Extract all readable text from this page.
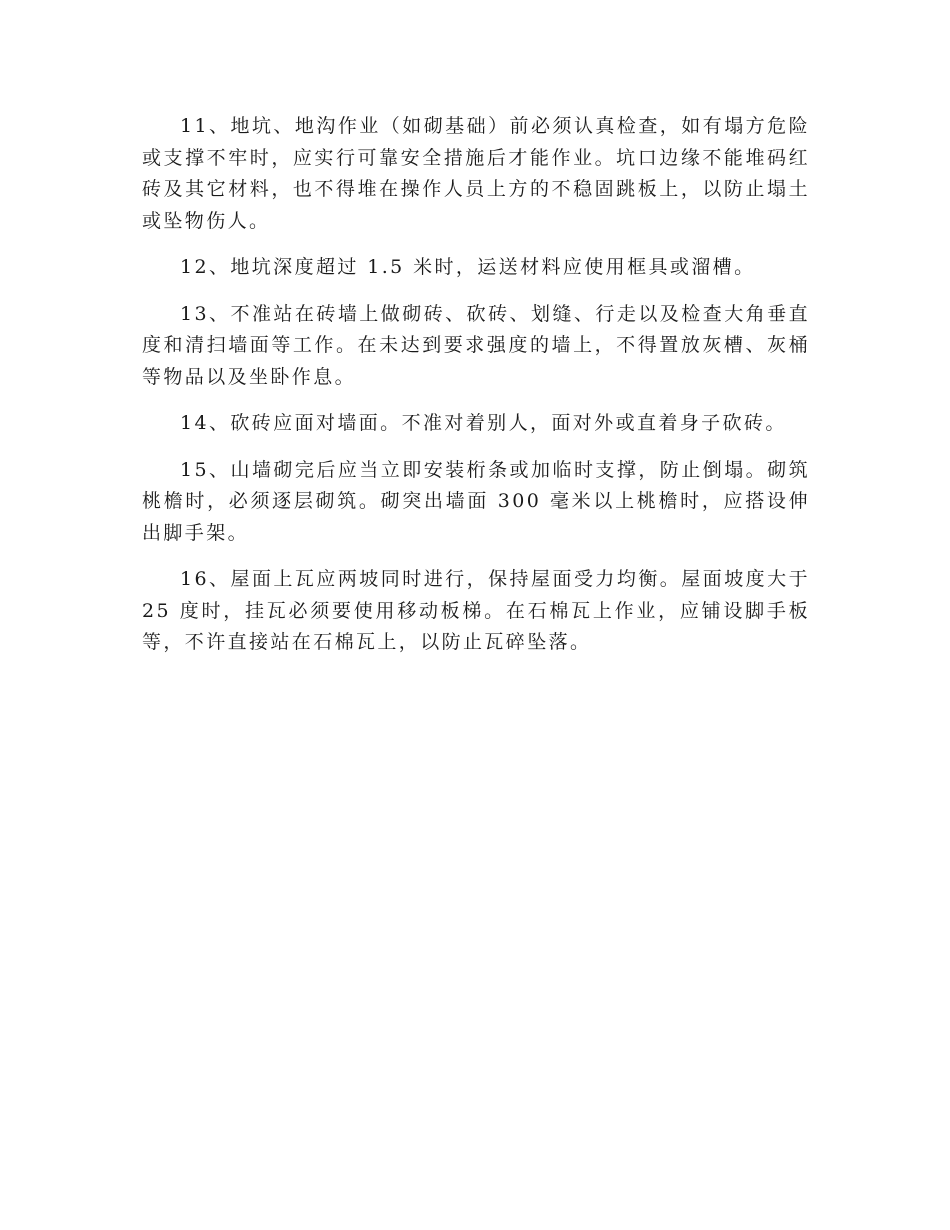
11、地坑、地沟作业（如砌基础）前必须认真检查，如有塌方危险或支撑不牢时，应实行可靠安全措施后才能作业。坑口边缘不能堆码红砖及其它材料，也不得堆在操作人员上方的不稳固跳板上，以防止塌土或坠物伤人。

12、地坑深度超过 1.5 米时，运送材料应使用框具或溜槽。

13、不准站在砖墙上做砌砖、砍砖、划缝、行走以及检查大角垂直度和清扫墙面等工作。在未达到要求强度的墙上，不得置放灰槽、灰桶等物品以及坐卧作息。

14、砍砖应面对墙面。不准对着别人，面对外或直着身子砍砖。

15、山墙砌完后应当立即安装桁条或加临时支撑，防止倒塌。砌筑桃檐时，必须逐层砌筑。砌突出墙面 300 毫米以上桃檐时，应搭设伸出脚手架。

16、屋面上瓦应两坡同时进行，保持屋面受力均衡。屋面坡度大于 25 度时，挂瓦必须要使用移动板梯。在石棉瓦上作业，应铺设脚手板等，不许直接站在石棉瓦上，以防止瓦碎坠落。
